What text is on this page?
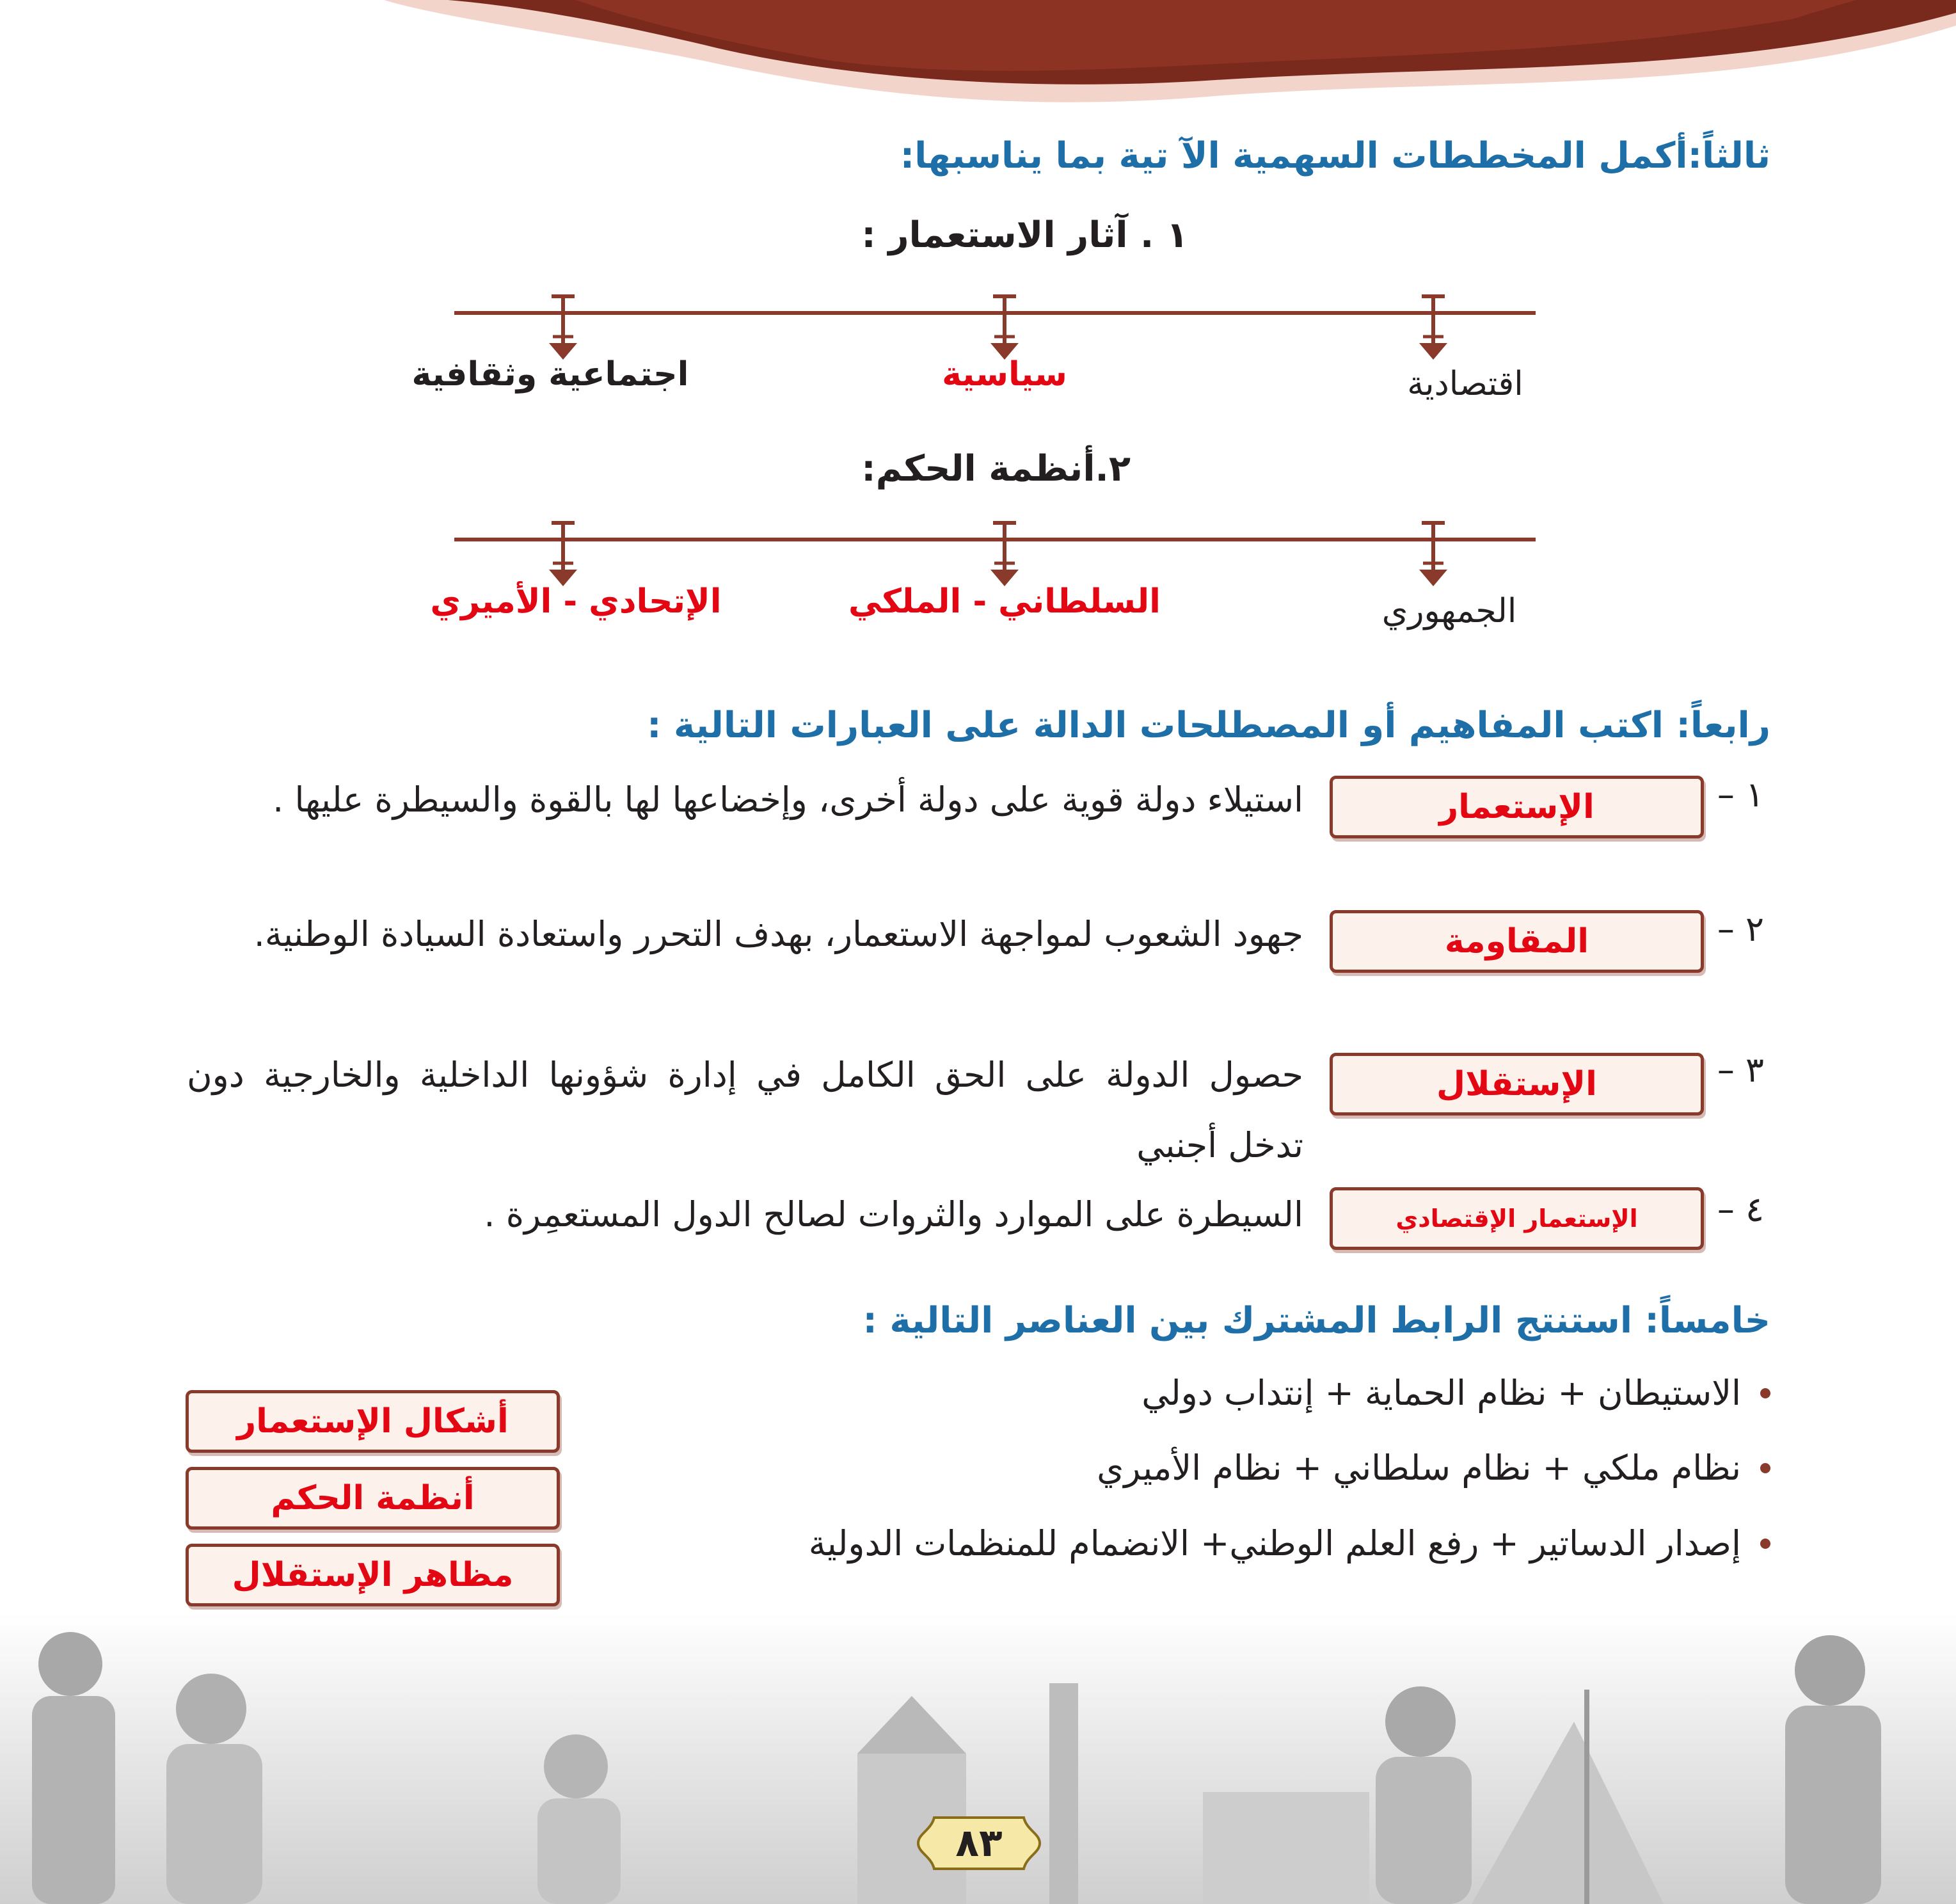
ثالثاً:أكمل المخططات السهمية الآ تية بما يناسبها:
١ . آثار الاستعمار :
اقتصادية
سياسية
اجتماعية وثقافية
٢.أنظمة الحكم:
الجمهوري
السلطاني - الملكي
الإتحادي - الأميري
رابعاً: اكتب المفاهيم أو المصطلحات الدالة على العبارات التالية :
١ –
الإستعمار
استيلاء دولة قوية على دولة أخرى، وإخضاعها لها بالقوة والسيطرة عليها .
٢ –
المقاومة
جهود الشعوب لمواجهة الاستعمار، بهدف التحرر واستعادة السيادة الوطنية.
٣ –
الإستقلال
حصول الدولة على الحق الكامل في إدارة شؤونها الداخلية والخارجية دون تدخل أجنبي
٤ –
الإستعمار الإقتصادي
السيطرة على الموارد والثروات لصالح الدول المستعمِرة .
خامساً: استنتج الرابط المشترك بين العناصر التالية :
الاستيطان + نظام الحماية + إنتداب دولي
نظام ملكي + نظام سلطاني + نظام الأميري
إصدار الدساتير + رفع العلم الوطني+ الانضمام للمنظمات الدولية
أشكال الإستعمار
أنظمة الحكم
مظاهر الإستقلال
٨٣
